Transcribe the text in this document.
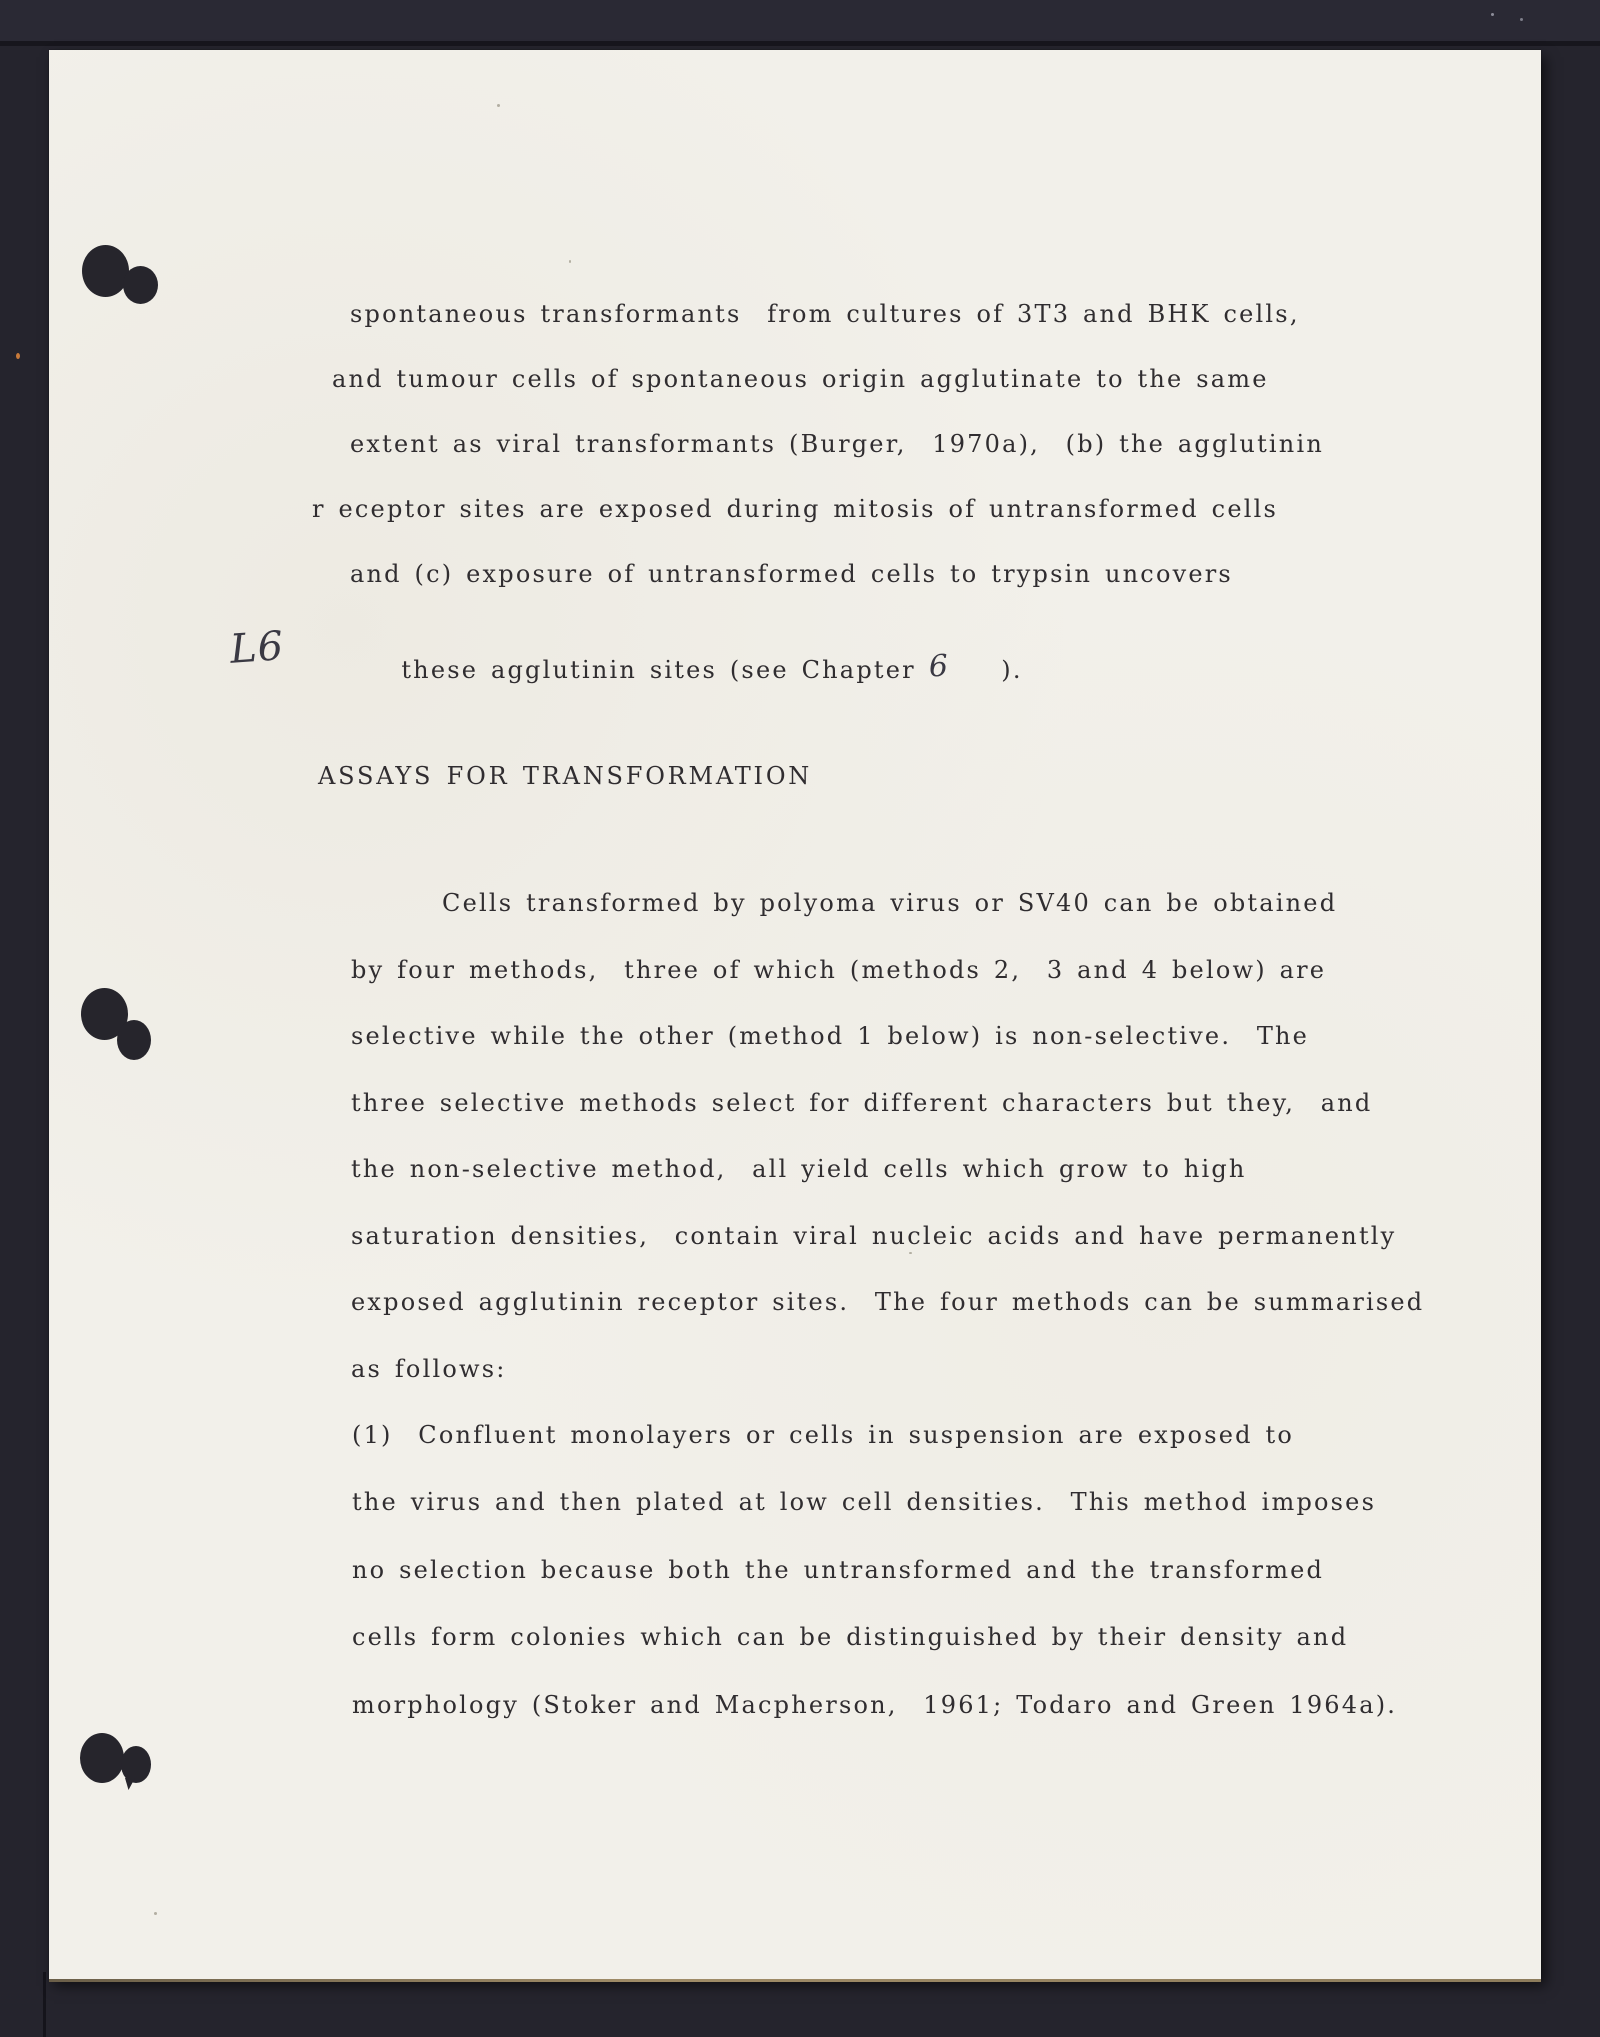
L6
spontaneous transformants  from cultures of 3T3 and BHK cells,
and tumour cells of spontaneous origin agglutinate to the same
extent as viral transformants (Burger,  1970a),  (b) the agglutinin
r eceptor sites are exposed during mitosis of untransformed cells
and (c) exposure of untransformed cells to trypsin uncovers

these agglutinin sites (see Chapter 6    ).

ASSAYS FOR TRANSFORMATION
Cells transformed by polyoma virus or SV40 can be obtained
by four methods,  three of which (methods 2,  3 and 4 below) are
selective while the other (method 1 below) is non-selective.  The
three selective methods select for different characters but they,  and
the non-selective method,  all yield cells which grow to high
saturation densities,  contain viral nucleic acids and have permanently
exposed agglutinin receptor sites.  The four methods can be summarised
as follows:
(1)  Confluent monolayers or cells in suspension are exposed to
the virus and then plated at low cell densities.  This method imposes
no selection because both the untransformed and the transformed
cells form colonies which can be distinguished by their density and
morphology (Stoker and Macpherson,  1961; Todaro and Green 1964a).
